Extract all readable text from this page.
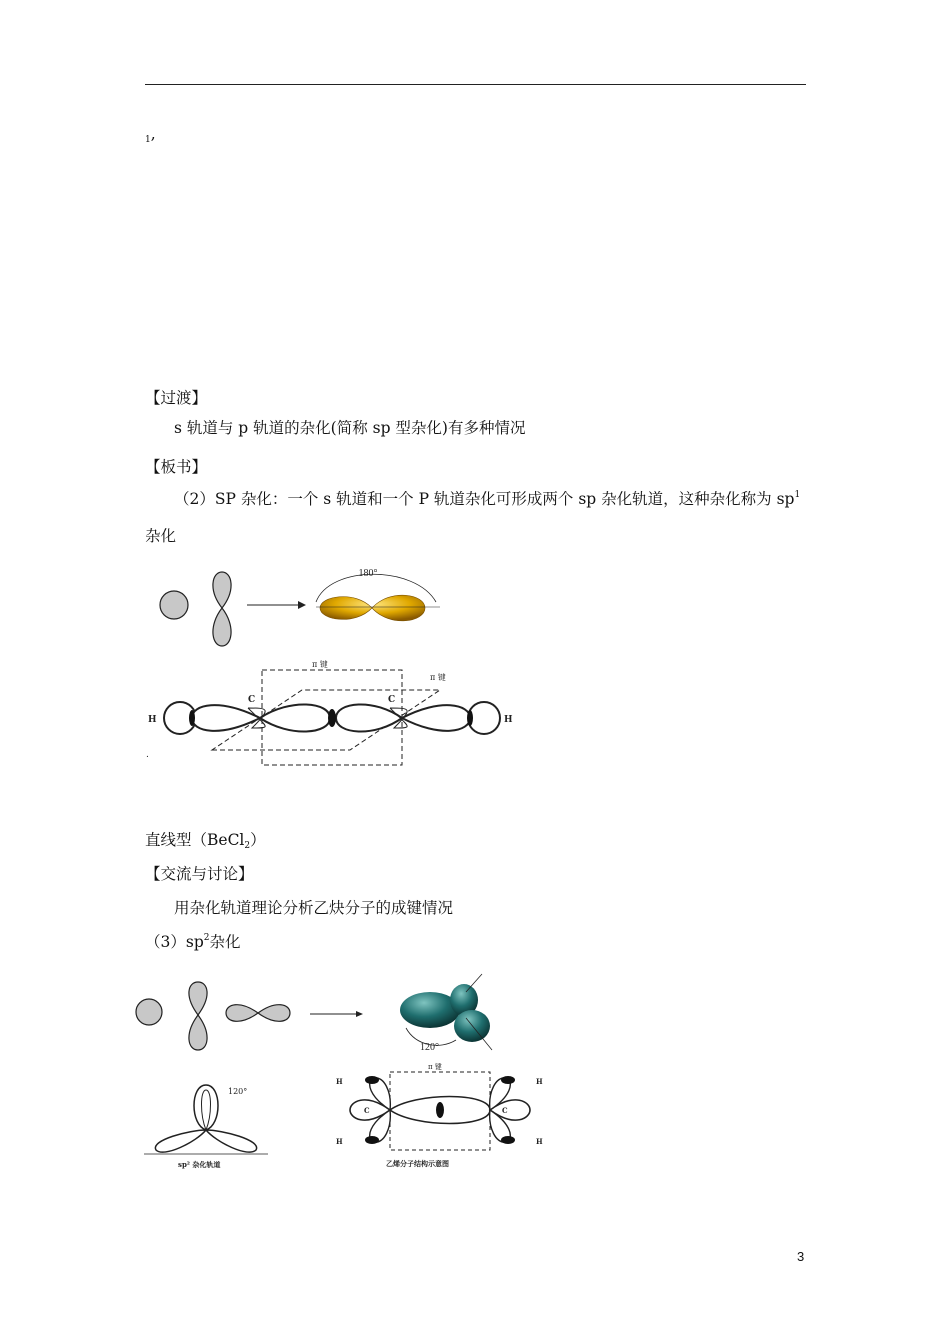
$_1$,
【过渡】
s 轨道与 p 轨道的杂化(简称 sp 型杂化)有多种情况
【板书】
（2）SP 杂化：一个 s 轨道和一个 P 轨道杂化可形成两个 sp 杂化轨道，这种杂化称为 $sp^1$
杂化
180°
π 键
π 键
H
C	C
H
.
直线型（BeCl$_2$）
【交流与讨论】
用杂化轨道理论分析乙炔分子的成键情况
$(3)sp^2$杂化
120°
120°
sp² 杂化轨道
π 键
H
H
H
H
C	C
乙烯分子结构示意图
3
